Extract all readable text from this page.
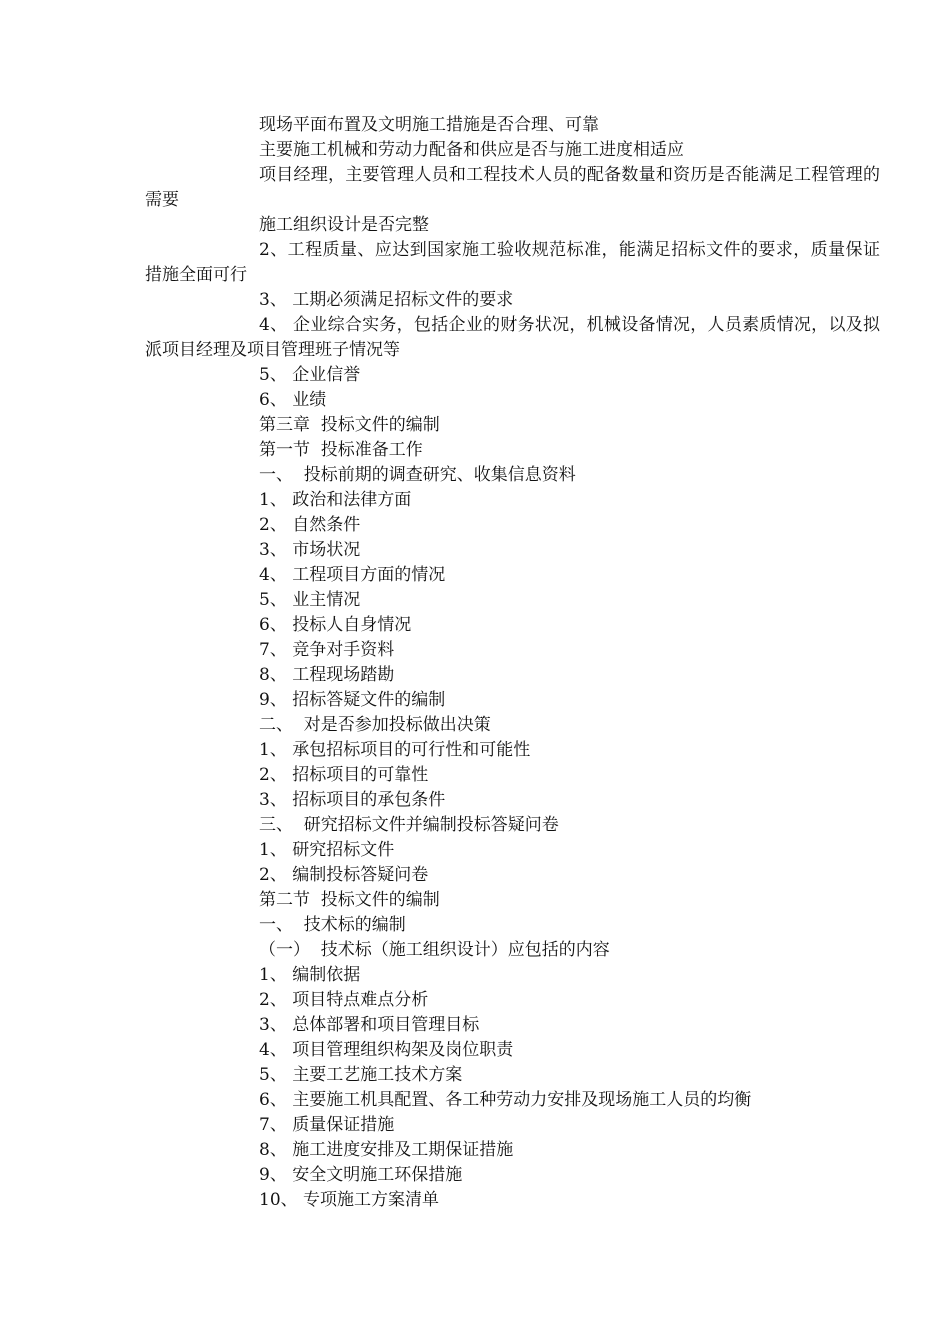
现场平面布置及文明施工措施是否合理、可靠

主要施工机械和劳动力配备和供应是否与施工进度相适应

项目经理，主要管理人员和工程技术人员的配备数量和资历是否能满足工程管理的需要

施工组织设计是否完整

2、工程质量、应达到国家施工验收规范标准，能满足招标文件的要求，质量保证措施全面可行

3、 工期必须满足招标文件的要求

4、 企业综合实务，包括企业的财务状况，机械设备情况，人员素质情况，以及拟派项目经理及项目管理班子情况等

5、 企业信誉

6、 业绩

第三章  投标文件的编制

第一节  投标准备工作

一、  投标前期的调查研究、收集信息资料

1、 政治和法律方面

2、 自然条件

3、 市场状况

4、 工程项目方面的情况

5、 业主情况

6、 投标人自身情况

7、 竞争对手资料

8、 工程现场踏勘

9、 招标答疑文件的编制

二、  对是否参加投标做出决策

1、 承包招标项目的可行性和可能性

2、 招标项目的可靠性

3、 招标项目的承包条件

三、  研究招标文件并编制投标答疑问卷

1、 研究招标文件

2、 编制投标答疑问卷

第二节  投标文件的编制

一、  技术标的编制

（一）  技术标（施工组织设计）应包括的内容

1、 编制依据

2、 项目特点难点分析

3、 总体部署和项目管理目标

4、 项目管理组织构架及岗位职责

5、 主要工艺施工技术方案

6、 主要施工机具配置、各工种劳动力安排及现场施工人员的均衡

7、 质量保证措施

8、 施工进度安排及工期保证措施

9、 安全文明施工环保措施

10、 专项施工方案清单
